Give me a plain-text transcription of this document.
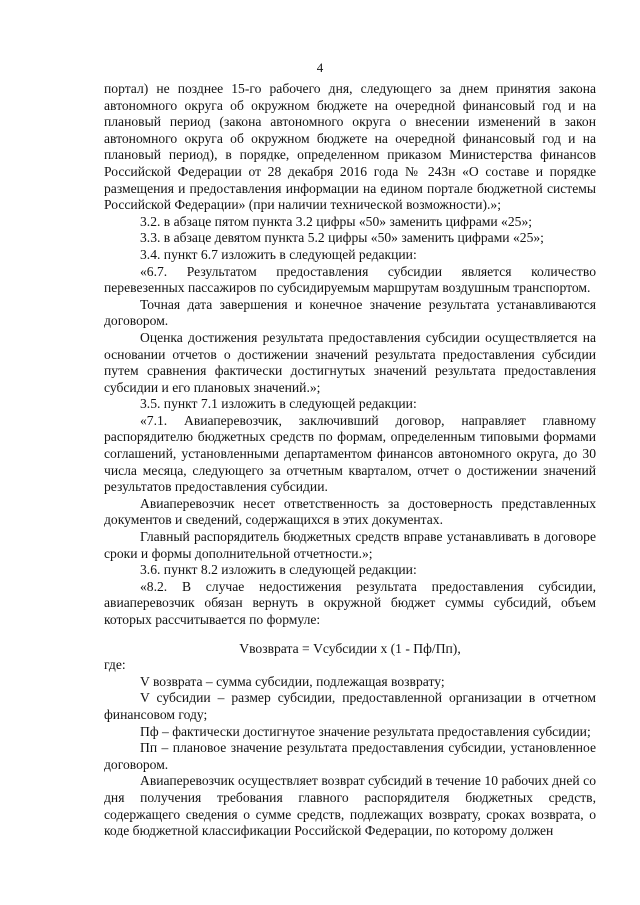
4

портал) не позднее 15-го рабочего дня, следующего за днем принятия закона автономного округа об окружном бюджете на очередной финансовый год и на плановый период (закона автономного округа о внесении изменений в закон автономного округа об окружном бюджете на очередной финансовый год и на плановый период), в порядке, определенном приказом Министерства финансов Российской Федерации от 28 декабря 2016 года № 243н «О составе и порядке размещения и предоставления информации на едином портале бюджетной системы Российской Федерации» (при наличии технической возможности).»;

3.2. в абзаце пятом пункта 3.2 цифры «50» заменить цифрами «25»;

3.3. в абзаце девятом пункта 5.2 цифры «50» заменить цифрами «25»;

3.4. пункт 6.7 изложить в следующей редакции:

«6.7. Результатом предоставления субсидии является количество перевезенных пассажиров по субсидируемым маршрутам воздушным транспортом.

Точная дата завершения и конечное значение результата устанавливаются договором.

Оценка достижения результата предоставления субсидии осуществляется на основании отчетов о достижении значений результата предоставления субсидии путем сравнения фактически достигнутых значений результата предоставления субсидии и его плановых значений.»;

3.5. пункт 7.1 изложить в следующей редакции:

«7.1. Авиаперевозчик, заключивший договор, направляет главному распорядителю бюджетных средств по формам, определенным типовыми формами соглашений, установленными департаментом финансов автономного округа, до 30 числа месяца, следующего за отчетным кварталом, отчет о достижении значений результатов предоставления субсидии.

Авиаперевозчик несет ответственность за достоверность представленных документов и сведений, содержащихся в этих документах.

Главный распорядитель бюджетных средств вправе устанавливать в договоре сроки и формы дополнительной отчетности.»;

3.6. пункт 8.2 изложить в следующей редакции:

«8.2. В случае недостижения результата предоставления субсидии, авиаперевозчик обязан вернуть в окружной бюджет суммы субсидий, объем которых рассчитывается по формуле:

Vвозврата = Vсубсидии x (1 - Пф/Пп),

где:

V возврата – сумма субсидии, подлежащая возврату;

V субсидии – размер субсидии, предоставленной организации в отчетном финансовом году;

Пф – фактически достигнутое значение результата предоставления субсидии;

Пп – плановое значение результата предоставления субсидии, установленное договором.

Авиаперевозчик осуществляет возврат субсидий в течение 10 рабочих дней со дня получения требования главного распорядителя бюджетных средств, содержащего сведения о сумме средств, подлежащих возврату, сроках возврата, о коде бюджетной классификации Российской Федерации, по которому должен
